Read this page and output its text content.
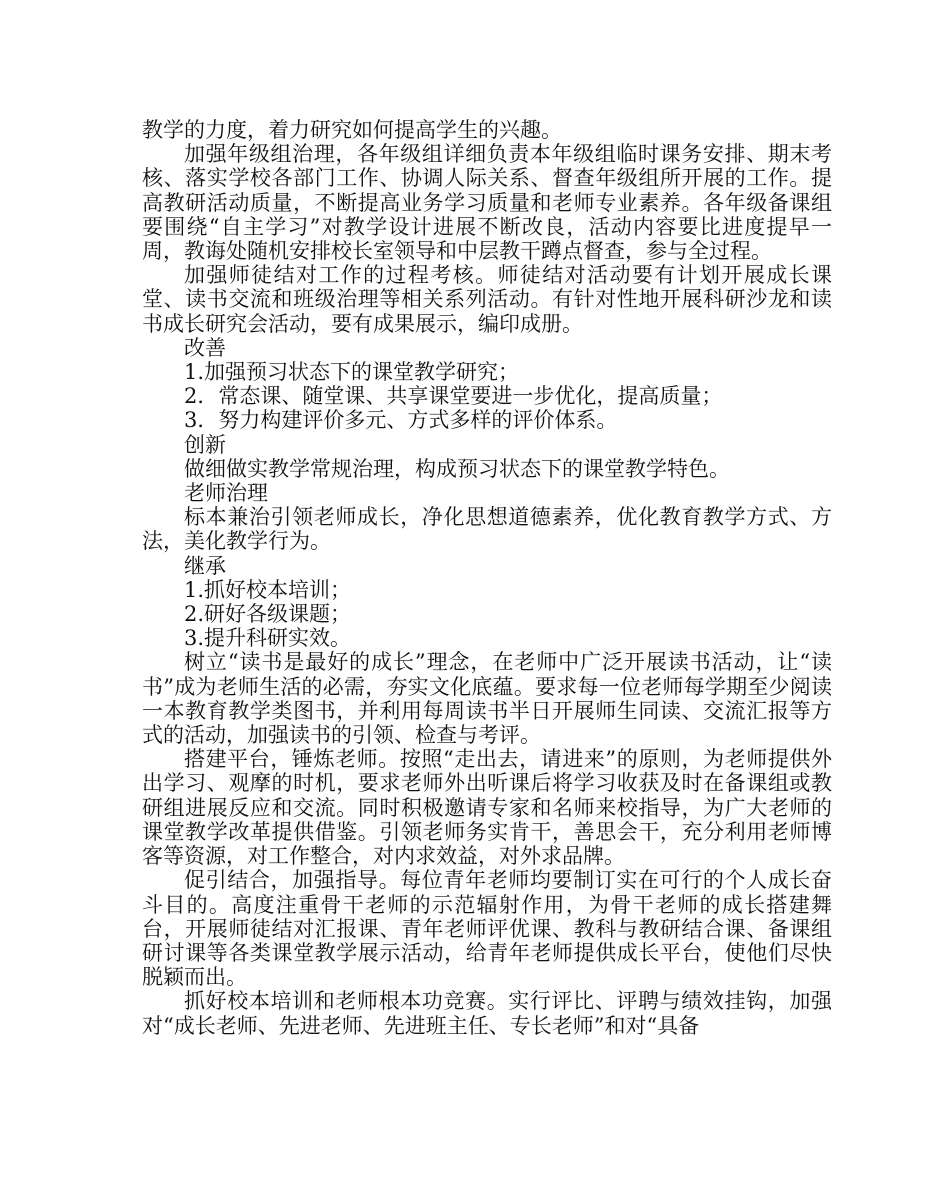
教学的力度，着力研究如何提高学生的兴趣。

加强年级组治理，各年级组详细负责本年级组临时课务安排、期末考核、落实学校各部门工作、协调人际关系、督查年级组所开展的工作。提高教研活动质量，不断提高业务学习质量和老师专业素养。各年级备课组要围绕“自主学习”对教学设计进展不断改良，活动内容要比进度提早一周，教诲处随机安排校长室领导和中层教干蹲点督查，参与全过程。

加强师徒结对工作的过程考核。师徒结对活动要有计划开展成长课堂、读书交流和班级治理等相关系列活动。有针对性地开展科研沙龙和读书成长研究会活动，要有成果展示，编印成册。

改善

1.加强预习状态下的课堂教学研究；

2．常态课、随堂课、共享课堂要进一步优化，提高质量；

3．努力构建评价多元、方式多样的评价体系。

创新

做细做实教学常规治理，构成预习状态下的课堂教学特色。

老师治理

标本兼治引领老师成长，净化思想道德素养，优化教育教学方式、方法，美化教学行为。

继承

1.抓好校本培训；

2.研好各级课题；

3.提升科研实效。

树立“读书是最好的成长”理念，在老师中广泛开展读书活动，让“读书”成为老师生活的必需，夯实文化底蕴。要求每一位老师每学期至少阅读一本教育教学类图书，并利用每周读书半日开展师生同读、交流汇报等方式的活动，加强读书的引领、检查与考评。

搭建平台，锤炼老师。按照“走出去，请进来”的原则，为老师提供外出学习、观摩的时机，要求老师外出听课后将学习收获及时在备课组或教研组进展反应和交流。同时积极邀请专家和名师来校指导，为广大老师的课堂教学改革提供借鉴。引领老师务实肯干，善思会干，充分利用老师博客等资源，对工作整合，对内求效益，对外求品牌。

促引结合，加强指导。每位青年老师均要制订实在可行的个人成长奋斗目的。高度注重骨干老师的示范辐射作用，为骨干老师的成长搭建舞台，开展师徒结对汇报课、青年老师评优课、教科与教研结合课、备课组研讨课等各类课堂教学展示活动，给青年老师提供成长平台，使他们尽快脱颖而出。

抓好校本培训和老师根本功竞赛。实行评比、评聘与绩效挂钩，加强对“成长老师、先进老师、先进班主任、专长老师”和对“具备
